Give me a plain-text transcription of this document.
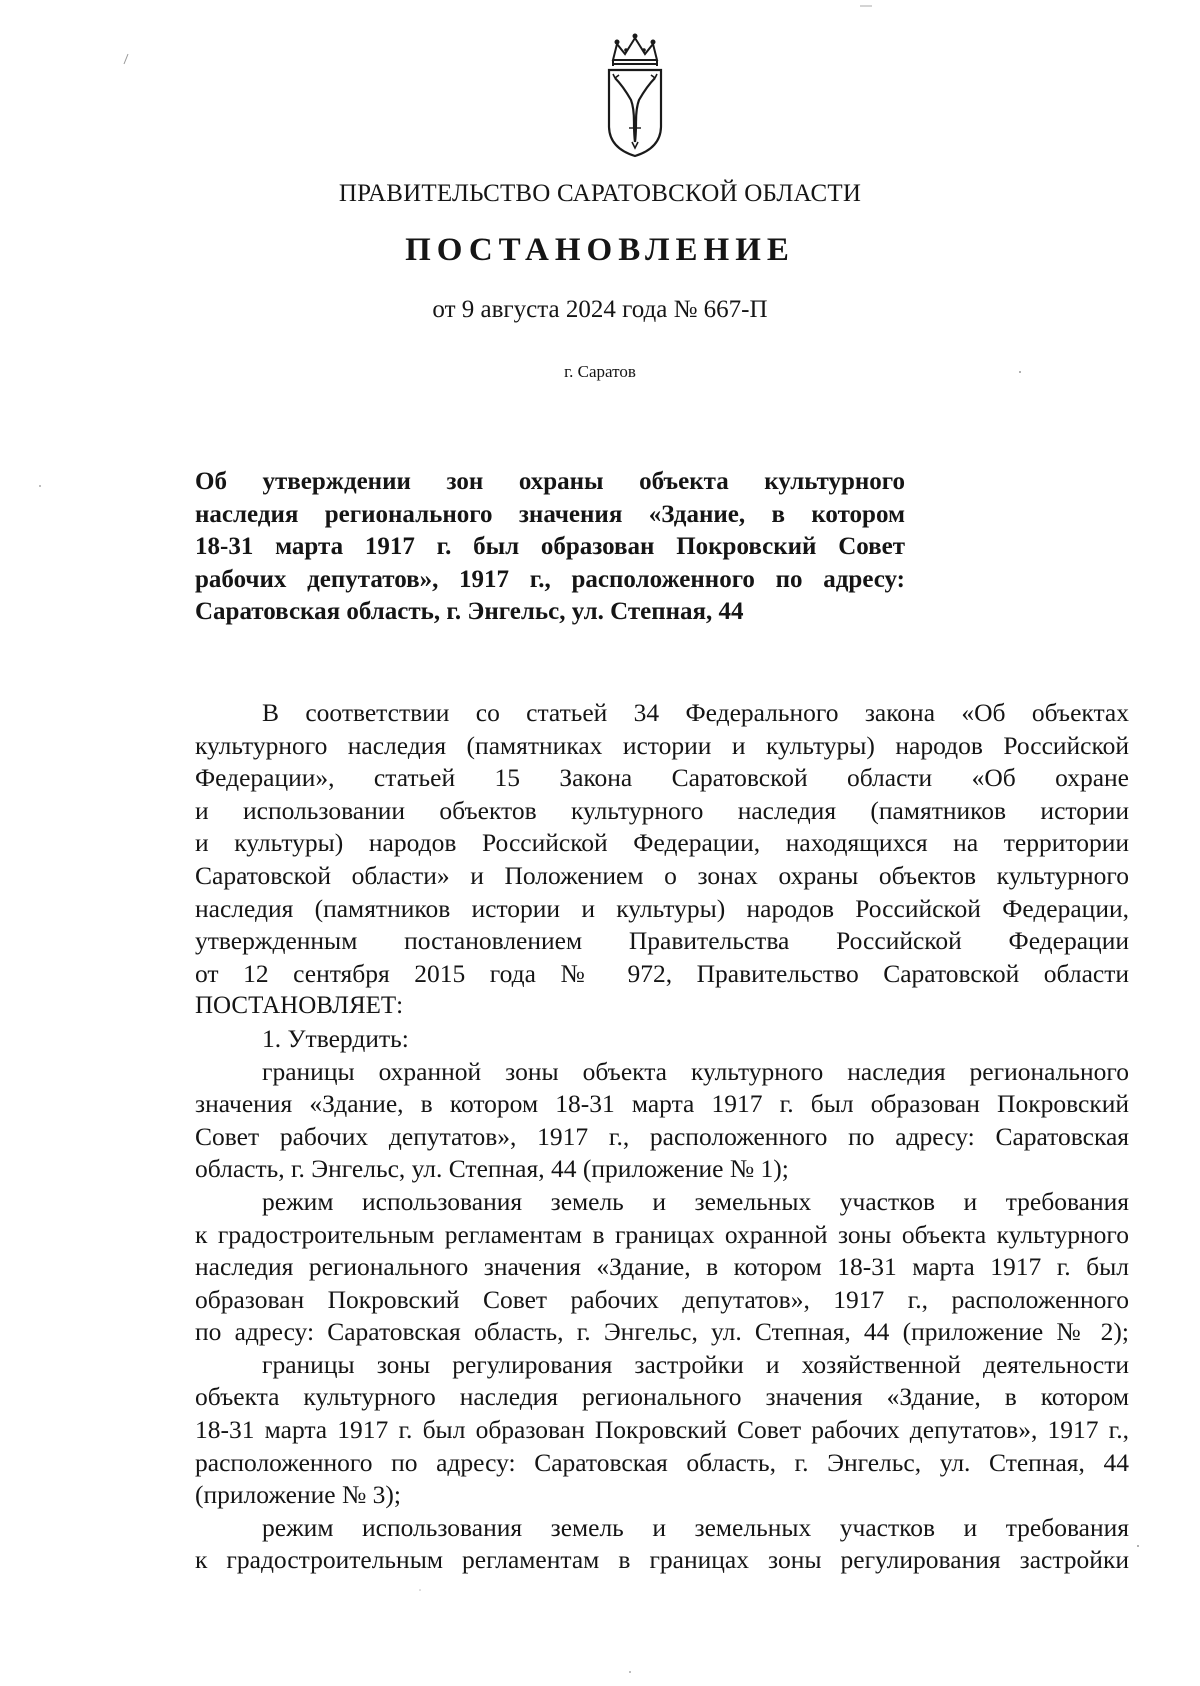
ПРАВИТЕЛЬСТВО САРАТОВСКОЙ ОБЛАСТИ
ПОСТАНОВЛЕНИЕ
от 9 августа 2024 года № 667-П
г. Саратов
Об утверждении зон охраны объекта культурного
наследия регионального значения «Здание, в котором
18-31 марта 1917 г. был образован Покровский Совет
рабочих депутатов», 1917 г., расположенного по адресу:
Саратовская область, г. Энгельс, ул. Степная, 44
В соответствии со статьей 34 Федерального закона «Об объектах
культурного наследия (памятниках истории и культуры) народов Российской
Федерации», статьей 15 Закона Саратовской области «Об охране
и использовании объектов культурного наследия (памятников истории
и культуры) народов Российской Федерации, находящихся на территории
Саратовской области» и Положением о зонах охраны объектов культурного
наследия (памятников истории и культуры) народов Российской Федерации,
утвержденным постановлением Правительства Российской Федерации
от 12 сентября 2015 года № 972, Правительство Саратовской области
ПОСТАНОВЛЯЕТ:
1. Утвердить:
границы охранной зоны объекта культурного наследия регионального
значения «Здание, в котором 18-31 марта 1917 г. был образован Покровский
Совет рабочих депутатов», 1917 г., расположенного по адресу: Саратовская
область, г. Энгельс, ул. Степная, 44 (приложение № 1);
режим использования земель и земельных участков и требования
к градостроительным регламентам в границах охранной зоны объекта культурного
наследия регионального значения «Здание, в котором 18-31 марта 1917 г. был
образован Покровский Совет рабочих депутатов», 1917 г., расположенного
по адресу: Саратовская область, г. Энгельс, ул. Степная, 44 (приложение № 2);
границы зоны регулирования застройки и хозяйственной деятельности
объекта культурного наследия регионального значения «Здание, в котором
18-31 марта 1917 г. был образован Покровский Совет рабочих депутатов», 1917 г.,
расположенного по адресу: Саратовская область, г. Энгельс, ул. Степная, 44
(приложение № 3);
режим использования земель и земельных участков и требования
к градостроительным регламентам в границах зоны регулирования застройки
